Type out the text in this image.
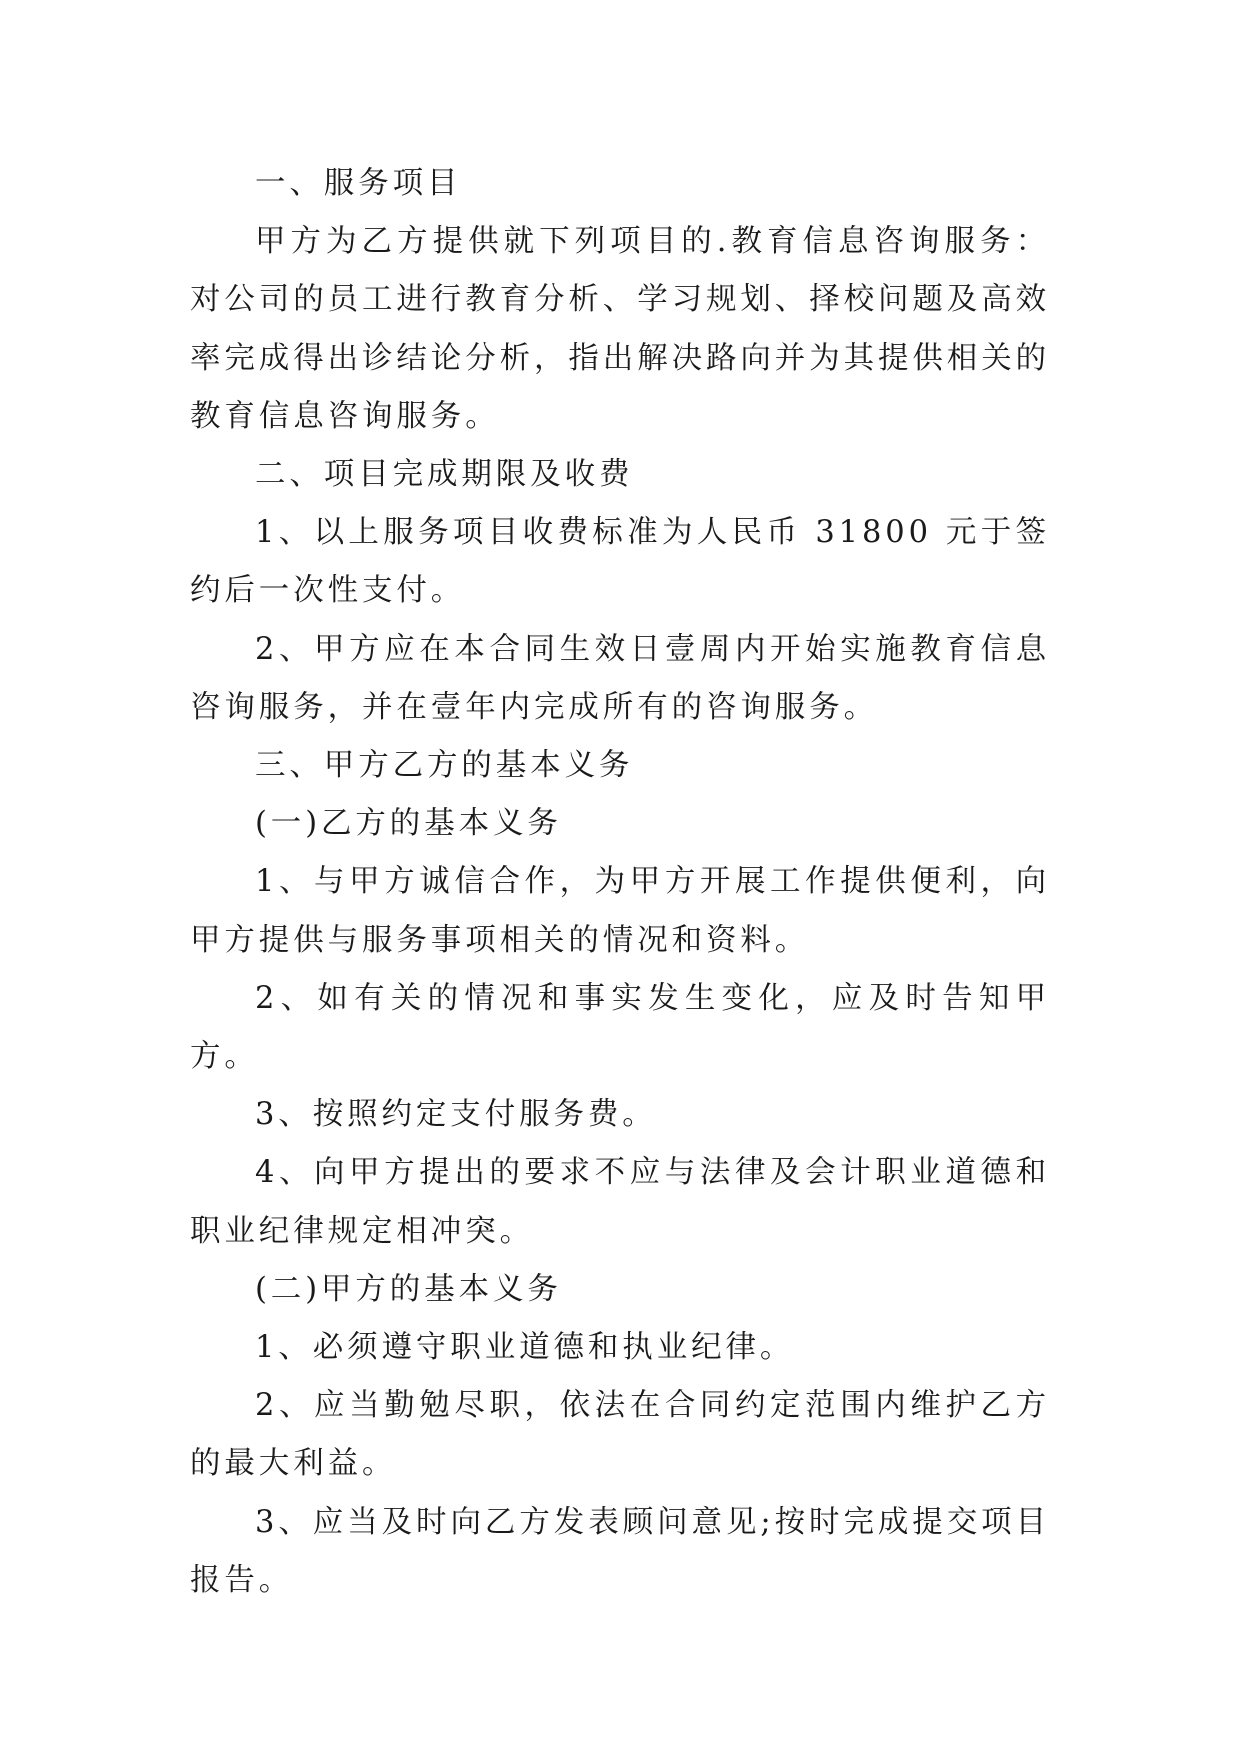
一、服务项目

甲方为乙方提供就下列项目的.教育信息咨询服务：对公司的员工进行教育分析、学习规划、择校问题及高效率完成得出诊结论分析，指出解决路向并为其提供相关的教育信息咨询服务。

二、项目完成期限及收费

1、以上服务项目收费标准为人民币 31800 元于签约后一次性支付。

2、甲方应在本合同生效日壹周内开始实施教育信息咨询服务，并在壹年内完成所有的咨询服务。

三、甲方乙方的基本义务

(一)乙方的基本义务

1、与甲方诚信合作，为甲方开展工作提供便利，向甲方提供与服务事项相关的情况和资料。

2、如有关的情况和事实发生变化，应及时告知甲方。

3、按照约定支付服务费。

4、向甲方提出的要求不应与法律及会计职业道德和职业纪律规定相冲突。

(二)甲方的基本义务

1、必须遵守职业道德和执业纪律。

2、应当勤勉尽职，依法在合同约定范围内维护乙方的最大利益。

3、应当及时向乙方发表顾问意见;按时完成提交项目报告。
